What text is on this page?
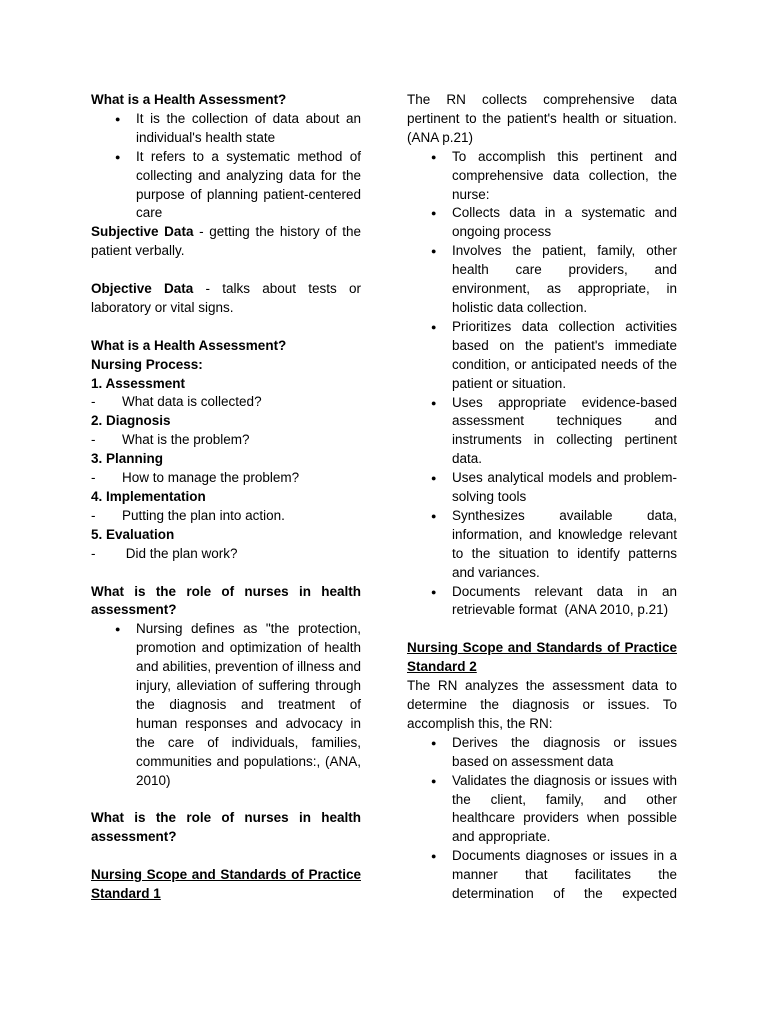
What is a Health Assessment?

● It is the collection of data about an individual's health state
● It refers to a systematic method of collecting and analyzing data for the purpose of planning patient-centered care

Subjective Data - getting the history of the patient verbally.

Objective Data - talks about tests or laboratory or vital signs.

What is a Health Assessment?

Nursing Process:

1. Assessment

- What data is collected?

2. Diagnosis

- What is the problem?

3. Planning

- How to manage the problem?

4. Implementation

- Putting the plan into action.

5. Evaluation

-  Did the plan work?

What is the role of nurses in health assessment?

● Nursing defines as "the protection, promotion and optimization of health and abilities, prevention of illness and injury, alleviation of suffering through the diagnosis and treatment of human responses and advocacy in the care of individuals, families, communities and populations:, (ANA, 2010)

What is the role of nurses in health assessment?

Nursing Scope and Standards of Practice Standard 1

The RN collects comprehensive data pertinent to the patient's health or situation. (ANA p.21)

● To accomplish this pertinent and comprehensive data collection, the nurse:
● Collects data in a systematic and ongoing process
● Involves the patient, family, other health care providers, and environment, as appropriate, in holistic data collection.
● Prioritizes data collection activities based on the patient's immediate condition, or anticipated needs of the patient or situation.
● Uses appropriate evidence-based assessment techniques and instruments in collecting pertinent data.
● Uses analytical models and problem-solving tools
● Synthesizes available data, information, and knowledge relevant to the situation to identify patterns and variances.
● Documents relevant data in an retrievable format  (ANA 2010, p.21)

Nursing Scope and Standards of Practice Standard 2

The RN analyzes the assessment data to determine the diagnosis or issues. To accomplish this, the RN:

● Derives the diagnosis or issues based on assessment data
● Validates the diagnosis or issues with the client, family, and other healthcare providers when possible and appropriate.
● Documents diagnoses or issues in a manner that facilitates the determination of the expected
